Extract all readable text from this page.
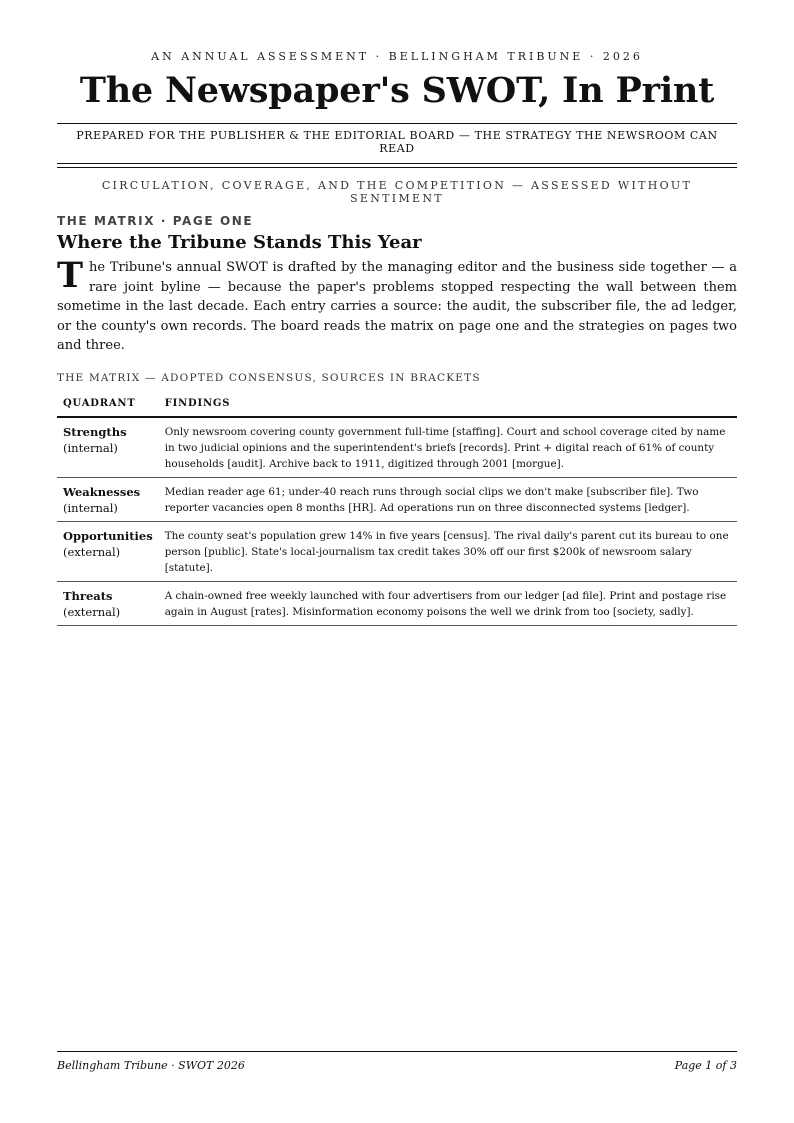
AN ANNUAL ASSESSMENT · BELLINGHAM TRIBUNE · 2026
The Newspaper's SWOT, In Print
PREPARED FOR THE PUBLISHER & THE EDITORIAL BOARD — THE STRATEGY THE NEWSROOM CAN READ
CIRCULATION, COVERAGE, AND THE COMPETITION — ASSESSED WITHOUT SENTIMENT
THE MATRIX · PAGE ONE
Where the Tribune Stands This Year

The Tribune's annual SWOT is drafted by the managing editor and the business side together — a rare joint byline — because the paper's problems stopped respecting the wall between them sometime in the last decade. Each entry carries a source: the audit, the subscriber file, the ad ledger, or the county's own records. The board reads the matrix on page one and the strategies on pages two and three.

THE MATRIX — ADOPTED CONSENSUS, SOURCES IN BRACKETS
QUADRANT	FINDINGS

Strengths
(internal)	Only newsroom covering county government full-time [staffing]. Court and school coverage cited by name in two judicial opinions and the superintendent's briefs [records]. Print + digital reach of 61% of county households [audit]. Archive back to 1911, digitized through 2001 [morgue].

Weaknesses
(internal)	Median reader age 61; under-40 reach runs through social clips we don't make [subscriber file]. Two reporter vacancies open 8 months [HR]. Ad operations run on three disconnected systems [ledger].

Opportunities
(external)	The county seat's population grew 14% in five years [census]. The rival daily's parent cut its bureau to one person [public]. State's local-journalism tax credit takes 30% off our first $200k of newsroom salary [statute].

Threats
(external)	A chain-owned free weekly launched with four advertisers from our ledger [ad file]. Print and postage rise again in August [rates]. Misinformation economy poisons the well we drink from too [society, sadly].
Bellingham Tribune · SWOT 2026	Page 1 of 3
